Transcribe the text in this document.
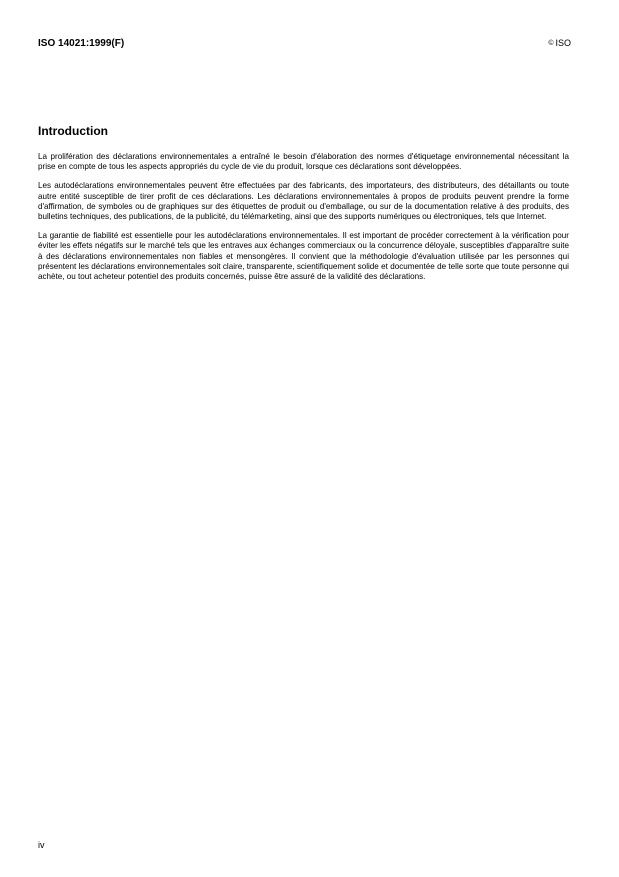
ISO 14021:1999(F)	© ISO
Introduction

La prolifération des déclarations environnementales a entraîné le besoin d'élaboration des normes d'étiquetage environnemental nécessitant la prise en compte de tous les aspects appropriés du cycle de vie du produit, lorsque ces déclarations sont développées.

Les autodéclarations environnementales peuvent être effectuées par des fabricants, des importateurs, des distributeurs, des détaillants ou toute autre entité susceptible de tirer profit de ces déclarations. Les déclarations environnementales à propos de produits peuvent prendre la forme d'affirmation, de symboles ou de graphiques sur des étiquettes de produit ou d'emballage, ou sur de la documentation relative à des produits, des bulletins techniques, des publications, de la publicité, du télémarketing, ainsi que des supports numériques ou électroniques, tels que Internet.

La garantie de fiabilité est essentielle pour les autodéclarations environnementales. Il est important de procéder correctement à la vérification pour éviter les effets négatifs sur le marché tels que les entraves aux échanges commerciaux ou la concurrence déloyale, susceptibles d'apparaître suite à des déclarations environnementales non fiables et mensongères. Il convient que la méthodologie d'évaluation utilisée par les personnes qui présentent les déclarations environnementales soit claire, transparente, scientifiquement solide et documentée de telle sorte que toute personne qui achète, ou tout acheteur potentiel des produits concernés, puisse être assuré de la validité des déclarations.

iv
